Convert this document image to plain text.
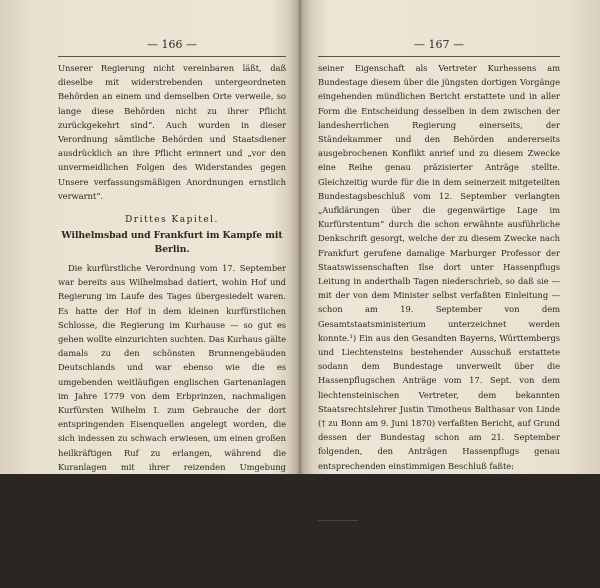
— 166 —

Unserer Regierung nicht vereinbaren läßt, daß dieselbe mit widerstrebenden untergeordneten Behörden an einem und demselben Orte verweile, so lange diese Behörden nicht zu ihrer Pflicht zurückgekehrt sind“. Auch wurden in dieser Verordnung sämtliche Behörden und Staatsdiener ausdrücklich an ihre Pflicht erinnert und „vor den unvermeidlichen Folgen des Widerstandes gegen Unsere verfassungsmäßigen Anordnungen ernstlich verwarnt“.

Drittes Kapitel.
Wilhelmsbad und Frankfurt im Kampfe mit Berlin.

Die kurfürstliche Verordnung vom 17. September war bereits aus Wilhelmsbad datiert, wohin Hof und Regierung im Laufe des Tages übergesiedelt waren. Es hatte der Hof in dem kleinen kurfürstlichen Schlosse, die Regierung im Kurhause — so gut es gehen wollte einzurichten suchten. Das Kurhaus gälte damals zu den schönsten Brunnengebäuden Deutschlands und war ebenso wie die es umgebenden weitläufigen englischen Gartenanlagen im Jahre 1779 von dem Erbprinzen, nachmaligen Kurfürsten Wilhelm I. zum Gebrauche der dort entspringenden Eisenquellen angelegt worden, die sich indessen zu schwach erwiesen, um einen großen heilkräftigen Ruf zu erlangen, während die Kuranlagen mit ihrer reizenden Umgebung Wilhelmsbad alsbald zu einem noch heute vielbesuchten Ausflugs- und Vergnügungsorte namentlich für die in nächster Nähe gelegenen Städte Frankfurt und Hanau werden ließen.

Die angestrengte politische Tätigkeit der Regierung begann schon am 17. September, dem Tage ihrer Uebersiedelung nach Wilhelmsbad, damit, daß Hassenpflug in

— 167 —

seiner Eigenschaft als Vertreter Kurhessens am Bundestage diesem über die jüngsten dortigen Vorgänge eingehenden mündlichen Bericht erstattete und in aller Form die Entscheidung desselben in dem zwischen der landesherrlichen Regierung einerseits, der Ständekammer und den Behörden andererseits ausgebrochenen Konflikt anrief und zu diesem Zwecke eine Reihe genau präzisierter Anträge stellte. Gleichzeitig wurde für die in dem seinerzeit mitgeteilten Bundestagsbeschluß vom 12. September verlangten „Aufklärungen über die gegenwärtige Lage im Kurfürstentum“ durch die schon erwähnte ausführliche Denkschrift gesorgt, welche der zu diesem Zwecke nach Frankfurt gerufene damalige Marburger Professor der Staatswissenschaften Ilse dort unter Hassenpflugs Leitung in anderthalb Tagen niederschrieb, so daß sie — mit der von dem Minister selbst verfaßten Einleitung — schon am 19. September von dem Gesamtstaatsministerium unterzeichnet werden konnte.¹) Ein aus den Gesandten Bayerns, Württembergs und Liechtensteins bestehender Ausschuß erstattete sodann dem Bundestage unverweilt über die Hassenpflugschen Anträge vom 17. Sept. von dem liechtensteinischen Vertreter, dem bekannten Staatsrechtslehrer Justin Timotheus Balthasar von Linde († zu Bonn am 9. Juni 1870) verfaßten Bericht, auf Grund dessen der Bundestag schon am 21. September folgenden, den Anträgen Hassenpflugs genau entsprechenden einstimmigen Beschluß faßte:

„In Erwägung, daß nach dem Geiste der Grundgesetze des Bundes sowohl, als auch nach positiven Bundesbeschlüssen, ins.

¹) Der Titel dieses an alle deutsche und europäische Höfe versandten, Ende September auch im Druck erschienenen Aktenstücks lautet: „Denkschrift der kurfürstlich hessischen Staatsregierung betreffend ihre Differenzen mit den Landständen und den landständischen Ausschuß, sowie die daraus hervorgegangenen Widersetzlichkeiten der Behörden und Unterthanen“.
